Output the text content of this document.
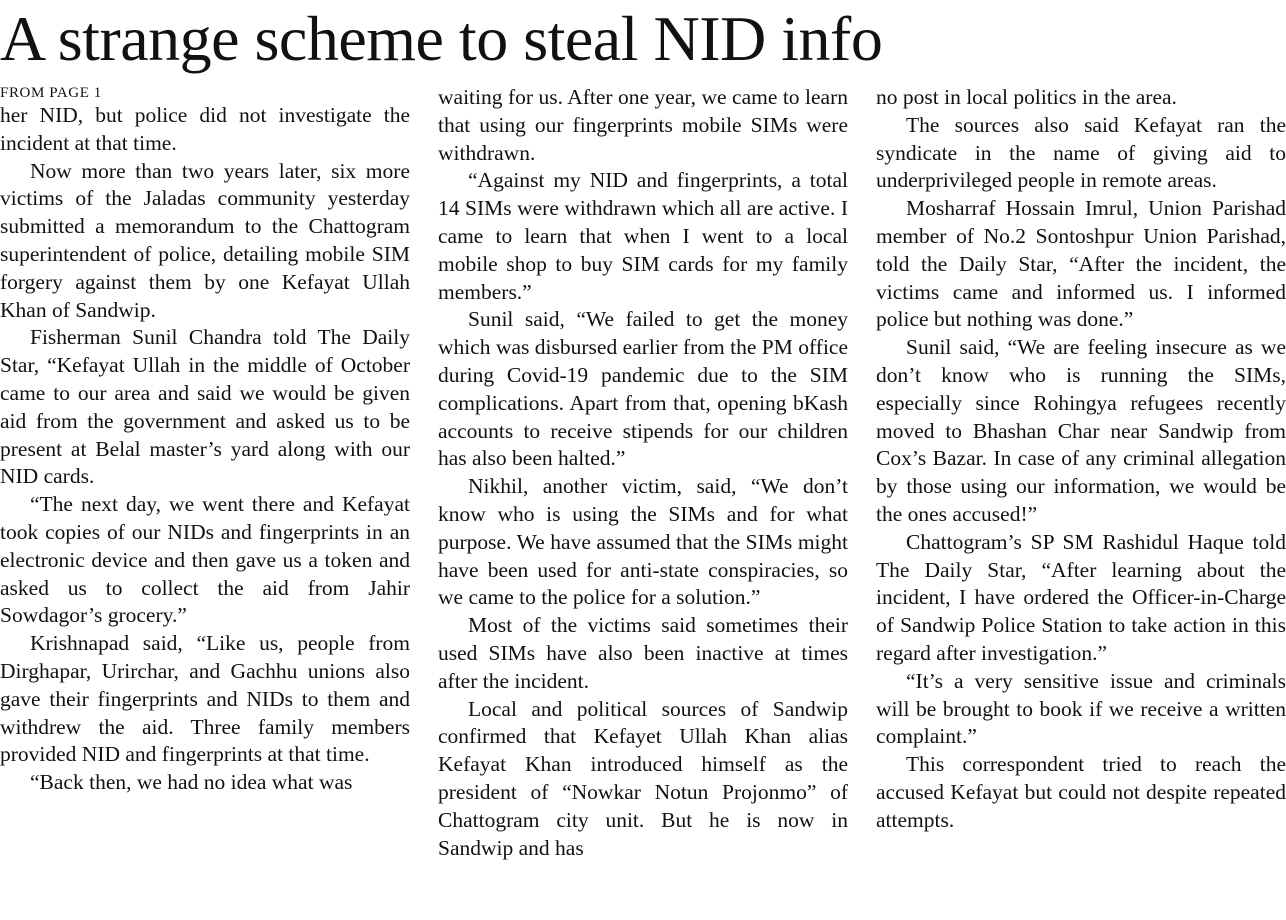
A strange scheme to steal NID info
FROM PAGE 1

her NID, but police did not investigate the incident at that time.

Now more than two years later, six more victims of the Jaladas community yesterday submitted a memorandum to the Chattogram superintendent of police, detailing mobile SIM forgery against them by one Kefayat Ullah Khan of Sandwip.

Fisherman Sunil Chandra told The Daily Star, “Kefayat Ullah in the middle of October came to our area and said we would be given aid from the government and asked us to be present at Belal master’s yard along with our NID cards.

“The next day, we went there and Kefayat took copies of our NIDs and fingerprints in an electronic device and then gave us a token and asked us to collect the aid from Jahir Sowdagor’s grocery.”

Krishnapad said, “Like us, people from Dirghapar, Urirchar, and Gachhu unions also gave their fingerprints and NIDs to them and withdrew the aid. Three family members provided NID and fingerprints at that time.

“Back then, we had no idea what was

waiting for us. After one year, we came to learn that using our fingerprints mobile SIMs were withdrawn.

“Against my NID and fingerprints, a total 14 SIMs were withdrawn which all are active. I came to learn that when I went to a local mobile shop to buy SIM cards for my family members.”

Sunil said, “We failed to get the money which was disbursed earlier from the PM office during Covid-19 pandemic due to the SIM complications. Apart from that, opening bKash accounts to receive stipends for our children has also been halted.”

Nikhil, another victim, said, “We don’t know who is using the SIMs and for what purpose. We have assumed that the SIMs might have been used for anti-state conspiracies, so we came to the police for a solution.”

Most of the victims said sometimes their used SIMs have also been inactive at times after the incident.

Local and political sources of Sandwip confirmed that Kefayet Ullah Khan alias Kefayat Khan introduced himself as the president of “Nowkar Notun Projonmo” of Chattogram city unit. But he is now in Sandwip and has

no post in local politics in the area.

The sources also said Kefayat ran the syndicate in the name of giving aid to underprivileged people in remote areas.

Mosharraf Hossain Imrul, Union Parishad member of No.2 Sontoshpur Union Parishad, told the Daily Star, “After the incident, the victims came and informed us. I informed police but nothing was done.”

Sunil said, “We are feeling insecure as we don’t know who is running the SIMs, especially since Rohingya refugees recently moved to Bhashan Char near Sandwip from Cox’s Bazar. In case of any criminal allegation by those using our information, we would be the ones accused!”

Chattogram’s SP SM Rashidul Haque told The Daily Star, “After learning about the incident, I have ordered the Officer-in-Charge of Sandwip Police Station to take action in this regard after investigation.”

“It’s a very sensitive issue and criminals will be brought to book if we receive a written complaint.”

This correspondent tried to reach the accused Kefayat but could not despite repeated attempts.
